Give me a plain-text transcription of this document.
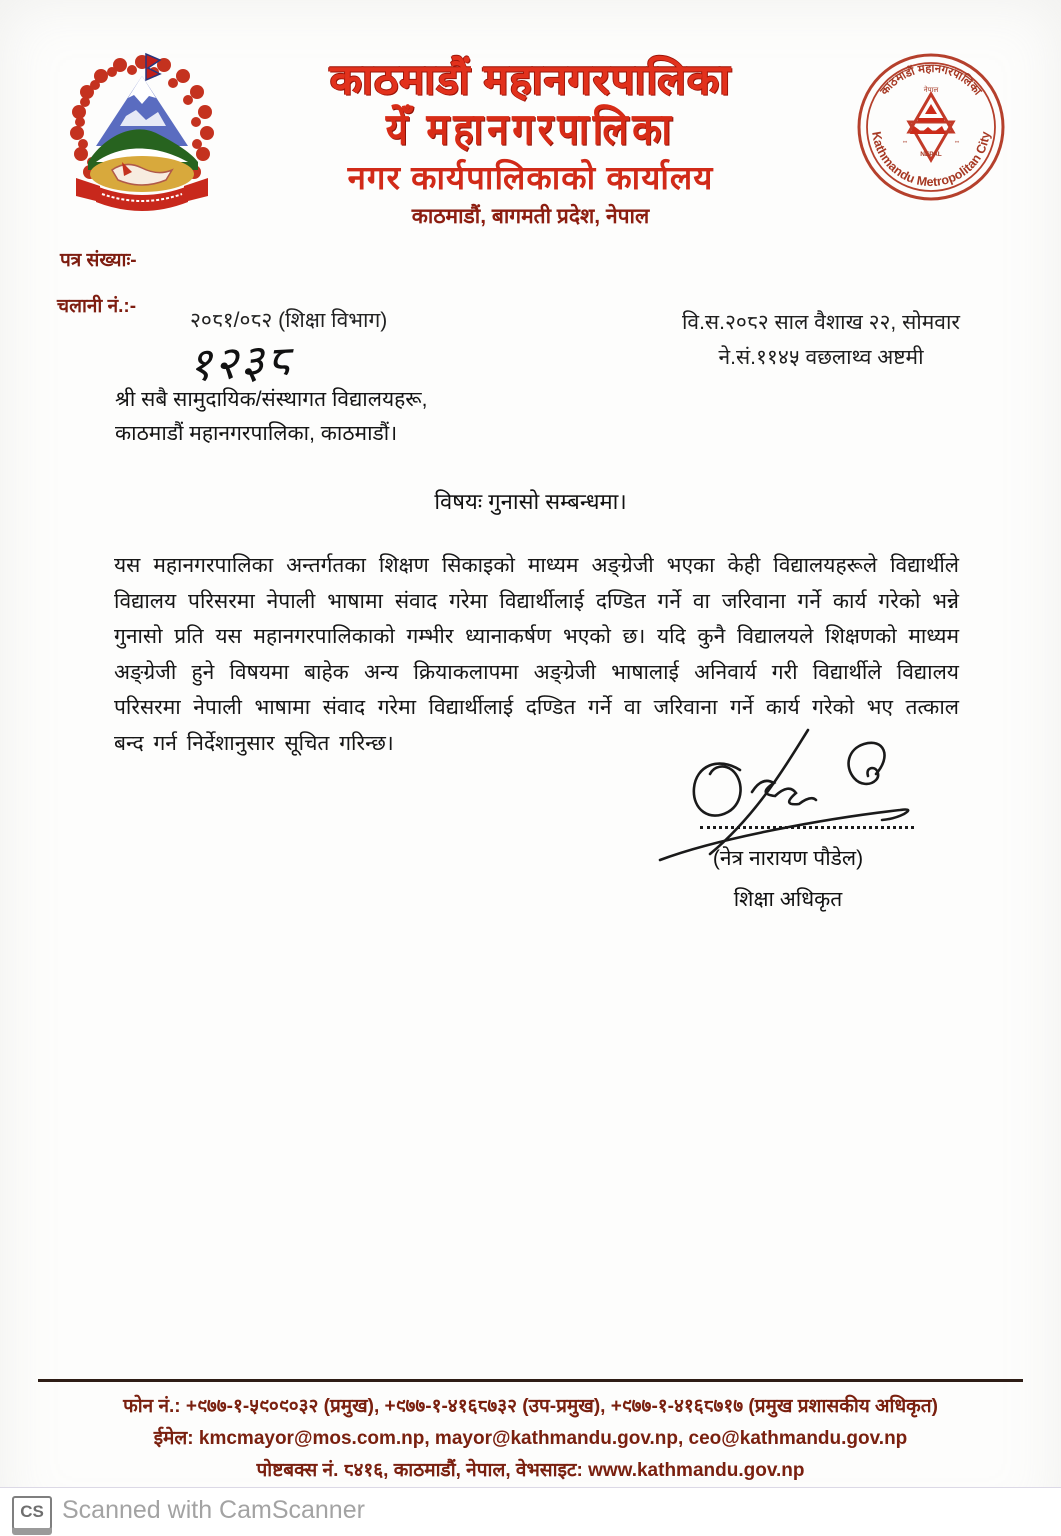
काठमाडौं महानगरपालिका
येँ महानगरपालिका
नगर कार्यपालिकाको कार्यालय
काठमाडौं, बागमती प्रदेश, नेपाल
काठमाडौं महानगरपालिका
Kathmandu Metropolitan City
नेपाल
॰॰	॰॰
NEPAL
पत्र संख्याः-
चलानी नं.:-
२०८१/०८२ (शिक्षा विभाग)
१२३८
वि.स.२०८२ साल वैशाख २२, सोमवार
ने.सं.११४५ वछलाथ्व अष्टमी
श्री सबै सामुदायिक/संस्थागत विद्यालयहरू,
काठमाडौं महानगरपालिका, काठमाडौं।
विषयः गुनासो सम्बन्धमा।
यस महानगरपालिका अन्तर्गतका शिक्षण सिकाइको माध्यम अङ्ग्रेजी भएका केही विद्यालयहरूले विद्यार्थीले विद्यालय परिसरमा नेपाली भाषामा संवाद गरेमा विद्यार्थीलाई दण्डित गर्ने वा जरिवाना गर्ने कार्य गरेको भन्ने गुनासो प्रति यस महानगरपालिकाको गम्भीर ध्यानाकर्षण भएको छ। यदि कुनै विद्यालयले शिक्षणको माध्यम अङ्ग्रेजी हुने विषयमा बाहेक अन्य क्रियाकलापमा अङ्ग्रेजी भाषालाई अनिवार्य गरी विद्यार्थीले विद्यालय परिसरमा नेपाली भाषामा संवाद गरेमा विद्यार्थीलाई दण्डित गर्ने वा जरिवाना गर्ने कार्य गरेको भए तत्काल बन्द गर्न निर्देशानुसार सूचित गरिन्छ।
(नेत्र नारायण पौडेल)
शिक्षा अधिकृत
फोन नं.: +९७७-१-५९०९०३२ (प्रमुख), +९७७-१-४१६८७३२ (उप-प्रमुख), +९७७-१-४१६८७१७ (प्रमुख प्रशासकीय अधिकृत)
ईमेल: kmcmayor@mos.com.np, mayor@kathmandu.gov.np, ceo@kathmandu.gov.np
पोष्टबक्स नं. ८४१६, काठमाडौं, नेपाल, वेभसाइट: www.kathmandu.gov.np
CS Scanned with CamScanner
